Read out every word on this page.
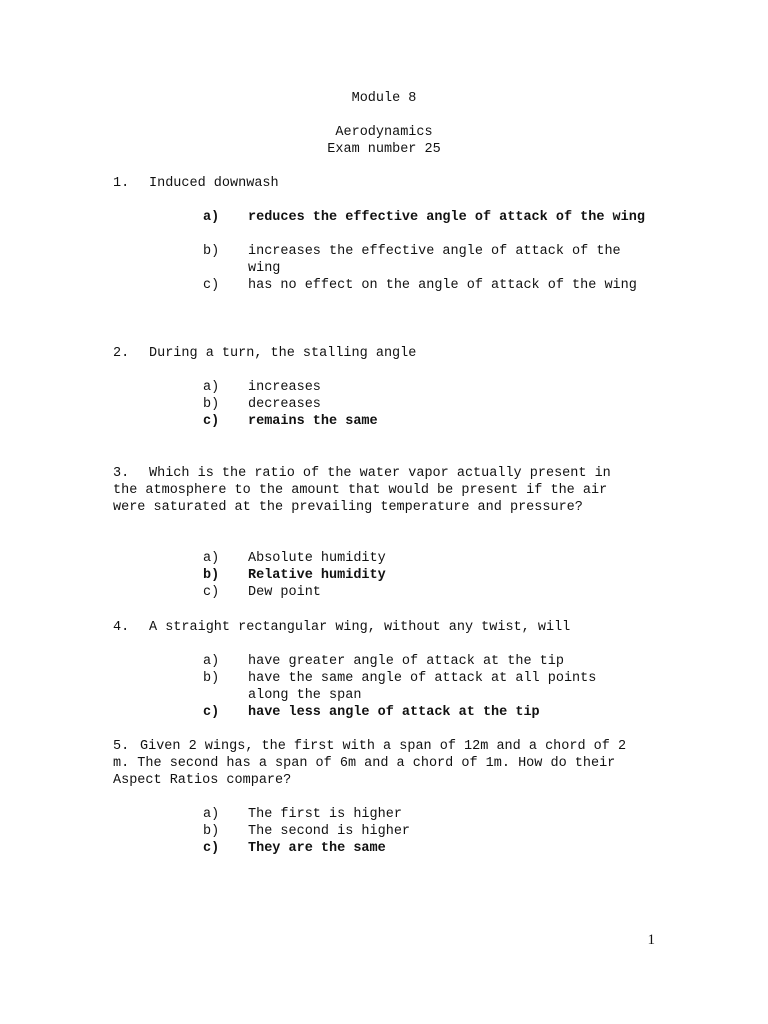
Module 8
Aerodynamics
Exam number 25
1. Induced downwash
a) reduces the effective angle of attack of the wing
b) increases the effective angle of attack of the wing
c) has no effect on the angle of attack of the wing
2. During a turn, the stalling angle
a) increases
b) decreases
c) remains the same
3.	Which is the ratio of the water vapor actually present in the atmosphere to the amount that would be present if the air were saturated at the prevailing temperature and pressure?
a) Absolute humidity
b) Relative humidity
c) Dew point
4. A straight rectangular wing, without any twist, will
a) have greater angle of attack at the tip
b) have the same angle of attack at all points along the span
c) have less angle of attack at the tip
5. Given 2 wings, the first with a span of 12m and a chord of 2 m. The second has a span of 6m and a chord of 1m. How do their Aspect Ratios compare?
a) The first is higher
b) The second is higher
c) They are the same
1
